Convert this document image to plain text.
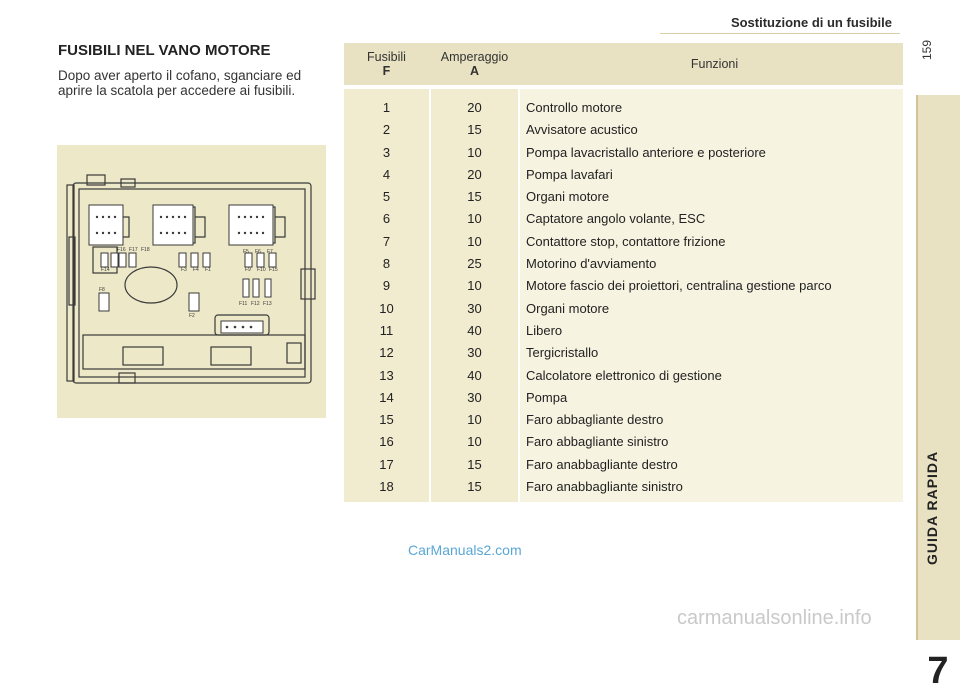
Sostituzione di un fusibile
159
GUIDA RAPIDA
7
FUSIBILI NEL VANO MOTORE
Dopo aver aperto il cofano, sganciare ed aprire la scatola per accedere ai fusibili.
F16 F17 F18
F8
F14	F3 F4 F1	F9 F10 F15
F2
F11 F12 F13
F5 F6 F7
Fusibili
F
Amperaggio
A	Funzioni
1	20	Controllo motore
2	15	Avvisatore acustico
3	10	Pompa lavacristallo anteriore e posteriore
4	20	Pompa lavafari
5	15	Organi motore
6	10	Captatore angolo volante, ESC
7	10	Contattore stop, contattore frizione
8	25	Motorino d'avviamento
9	10	Motore fascio dei proiettori, centralina gestione parco
10	30	Organi motore
11	40	Libero
12	30	Tergicristallo
13	40	Calcolatore elettronico di gestione
14	30	Pompa
15	10	Faro abbagliante destro
16	10	Faro abbagliante sinistro
17	15	Faro anabbagliante destro
18	15	Faro anabbagliante sinistro
CarManuals2.com
carmanualsonline.info
